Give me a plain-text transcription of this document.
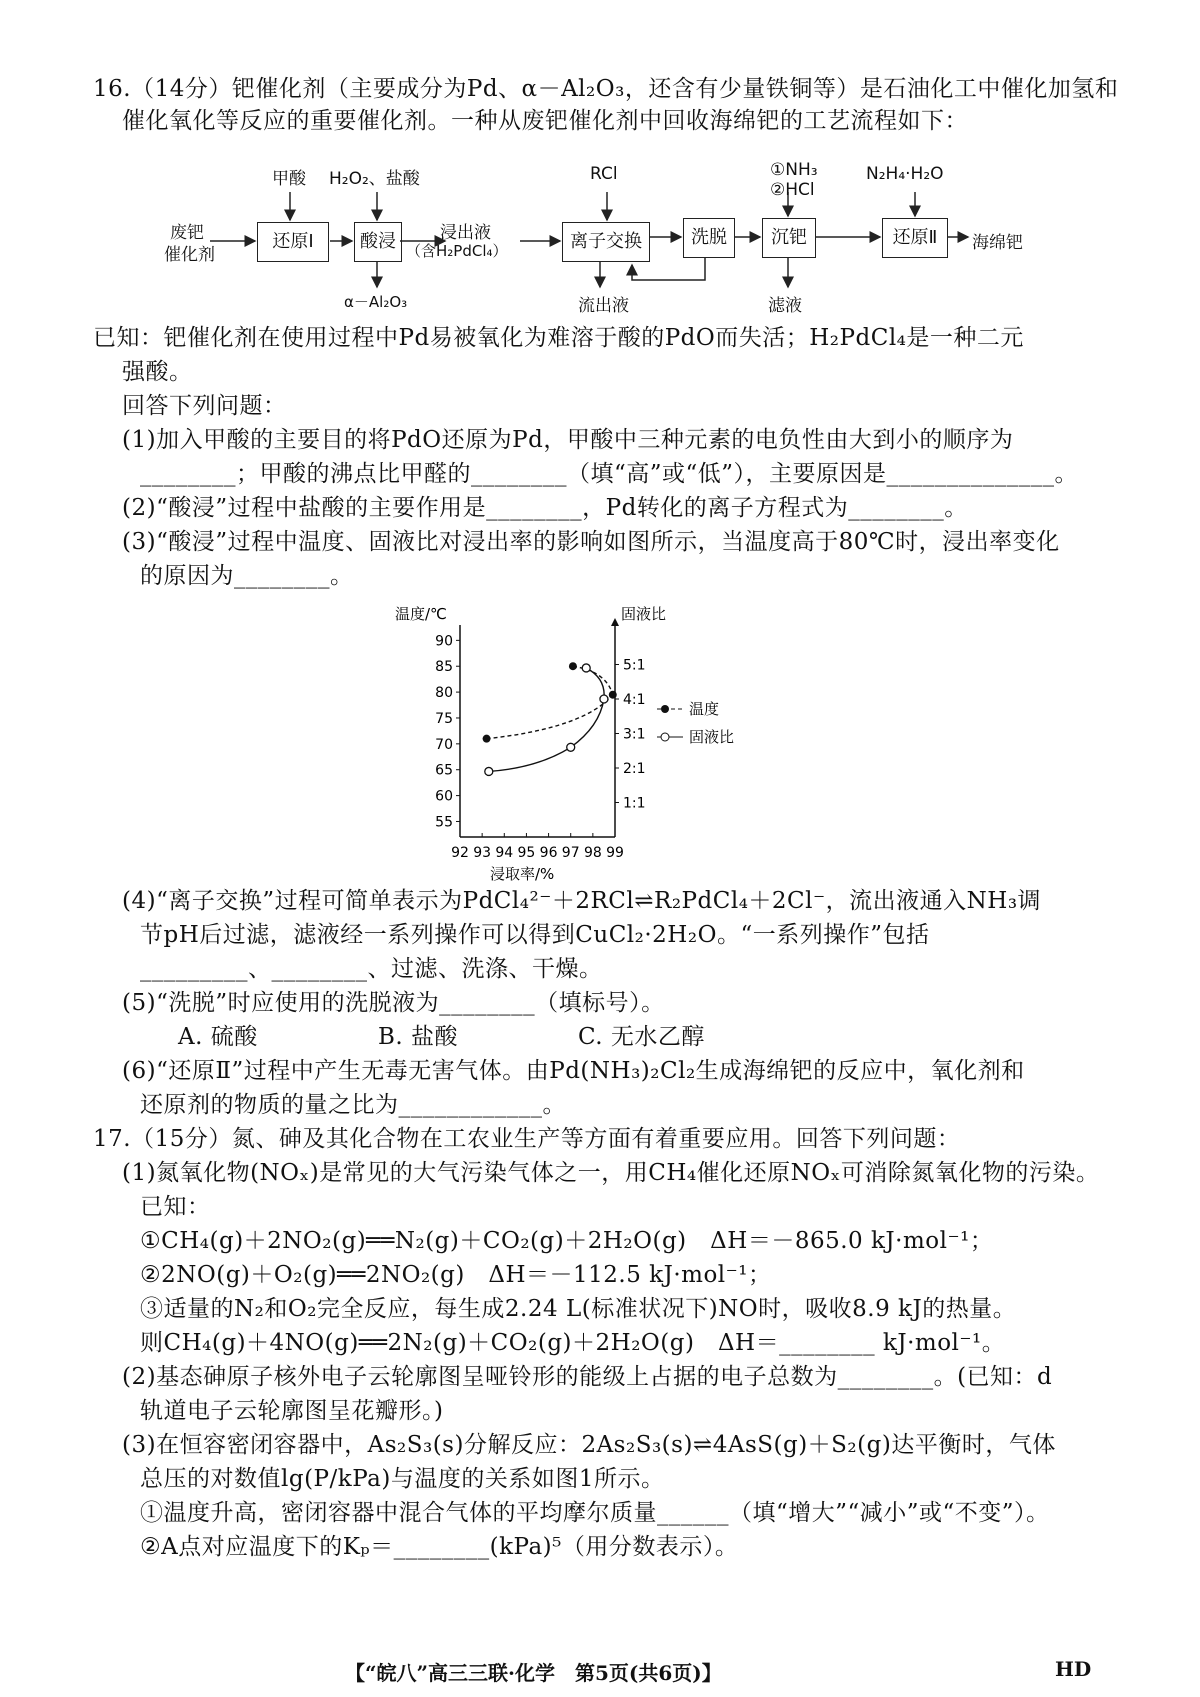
16.（14分）钯催化剂（主要成分为Pd、α－Al₂O₃，还含有少量铁铜等）是石油化工中催化加氢和
催化氧化等反应的重要催化剂。一种从废钯催化剂中回收海绵钯的工艺流程如下：
废钯
催化剂
还原Ⅰ	酸浸	离子交换	洗脱	沉钯	还原Ⅱ
甲酸 H₂O₂、盐酸	RCl	①NH₃
②HCl
N₂H₄·H₂O
浸出液
（含H₂PdCl₄）
α－Al₂O₃	流出液	滤液
海绵钯
已知：钯催化剂在使用过程中Pd易被氧化为难溶于酸的PdO而失活；H₂PdCl₄是一种二元
强酸。
回答下列问题：
(1)加入甲酸的主要目的将PdO还原为Pd，甲酸中三种元素的电负性由大到小的顺序为
________；甲酸的沸点比甲醛的________（填“高”或“低”），主要原因是______________。
(2)“酸浸”过程中盐酸的主要作用是________，Pd转化的离子方程式为________。
(3)“酸浸”过程中温度、固液比对浸出率的影响如图所示，当温度高于80℃时，浸出率变化
的原因为________。
温度/℃	固液比
浸取率/%
92 93 94 95 96 97 98 99
55
60
65
70
75
80
85
90
1:1
2:1
3:1
4:1
5:1
温度
固液比
(4)“离子交换”过程可简单表示为PdCl₄²⁻＋2RCl⇌R₂PdCl₄＋2Cl⁻，流出液通入NH₃调
节pH后过滤，滤液经一系列操作可以得到CuCl₂·2H₂O。“一系列操作”包括
_________、________、过滤、洗涤、干燥。
(5)“洗脱”时应使用的洗脱液为________（填标号）。
A. 硫酸	B. 盐酸	C. 无水乙醇
(6)“还原Ⅱ”过程中产生无毒无害气体。由Pd(NH₃)₂Cl₂生成海绵钯的反应中，氧化剂和
还原剂的物质的量之比为____________。
17.（15分）氮、砷及其化合物在工农业生产等方面有着重要应用。回答下列问题：
(1)氮氧化物(NOₓ)是常见的大气污染气体之一，用CH₄催化还原NOₓ可消除氮氧化物的污染。
已知：
①CH₄(g)＋2NO₂(g)══N₂(g)＋CO₂(g)＋2H₂O(g)　ΔH＝－865.0 kJ·mol⁻¹；
②2NO(g)＋O₂(g)══2NO₂(g)　ΔH＝－112.5 kJ·mol⁻¹；
③适量的N₂和O₂完全反应，每生成2.24 L(标准状况下)NO时，吸收8.9 kJ的热量。
则CH₄(g)＋4NO(g)══2N₂(g)＋CO₂(g)＋2H₂O(g)　ΔH＝________ kJ·mol⁻¹。
(2)基态砷原子核外电子云轮廓图呈哑铃形的能级上占据的电子总数为________。(已知：d
轨道电子云轮廓图呈花瓣形。)
(3)在恒容密闭容器中，As₂S₃(s)分解反应：2As₂S₃(s)⇌4AsS(g)＋S₂(g)达平衡时，气体
总压的对数值lg(P/kPa)与温度的关系如图1所示。
①温度升高，密闭容器中混合气体的平均摩尔质量______（填“增大”“减小”或“不变”）。
②A点对应温度下的Kₚ＝________(kPa)⁵（用分数表示）。
【“皖八”高三三联·化学　第5页(共6页)】	HD
